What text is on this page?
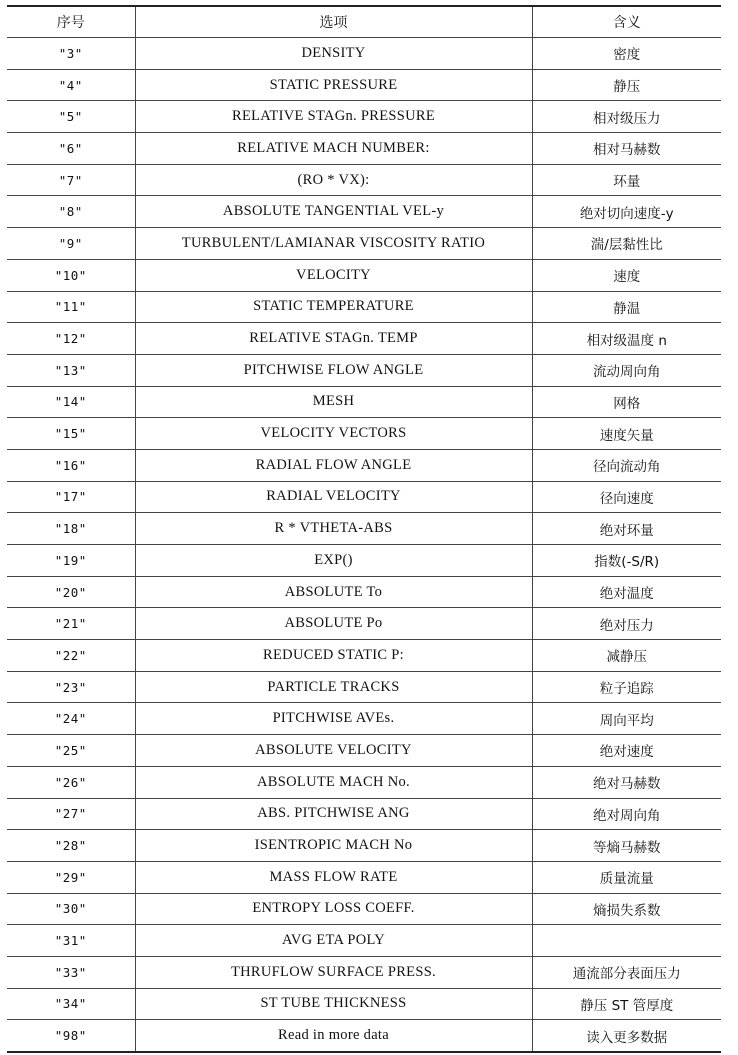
序号	选项	含义
"3"	DENSITY	密度
"4"	STATIC PRESSURE	静压
"5"	RELATIVE STAGn. PRESSURE	相对级压力
"6"	RELATIVE MACH NUMBER:	相对马赫数
"7"	(RO * VX):	环量
"8"	ABSOLUTE TANGENTIAL VEL-y	绝对切向速度-y
"9"	TURBULENT/LAMIANAR VISCOSITY RATIO	湍/层黏性比
"10"	VELOCITY	速度
"11"	STATIC TEMPERATURE	静温
"12"	RELATIVE STAGn. TEMP	相对级温度 n
"13"	PITCHWISE FLOW ANGLE	流动周向角
"14"	MESH	网格
"15"	VELOCITY VECTORS	速度矢量
"16"	RADIAL FLOW ANGLE	径向流动角
"17"	RADIAL VELOCITY	径向速度
"18"	R * VTHETA-ABS	绝对环量
"19"	EXP()	指数(-S/R)
"20"	ABSOLUTE To	绝对温度
"21"	ABSOLUTE Po	绝对压力
"22"	REDUCED STATIC P:	减静压
"23"	PARTICLE TRACKS	粒子追踪
"24"	PITCHWISE AVEs.	周向平均
"25"	ABSOLUTE VELOCITY	绝对速度
"26"	ABSOLUTE MACH No.	绝对马赫数
"27"	ABS. PITCHWISE ANG	绝对周向角
"28"	ISENTROPIC MACH No	等熵马赫数
"29"	MASS FLOW RATE	质量流量
"30"	ENTROPY LOSS COEFF.	熵损失系数
"31"	AVG ETA POLY	
"33"	THRUFLOW SURFACE PRESS.	通流部分表面压力
"34"	ST TUBE THICKNESS	静压 ST 管厚度
"98"	Read in more data	读入更多数据
